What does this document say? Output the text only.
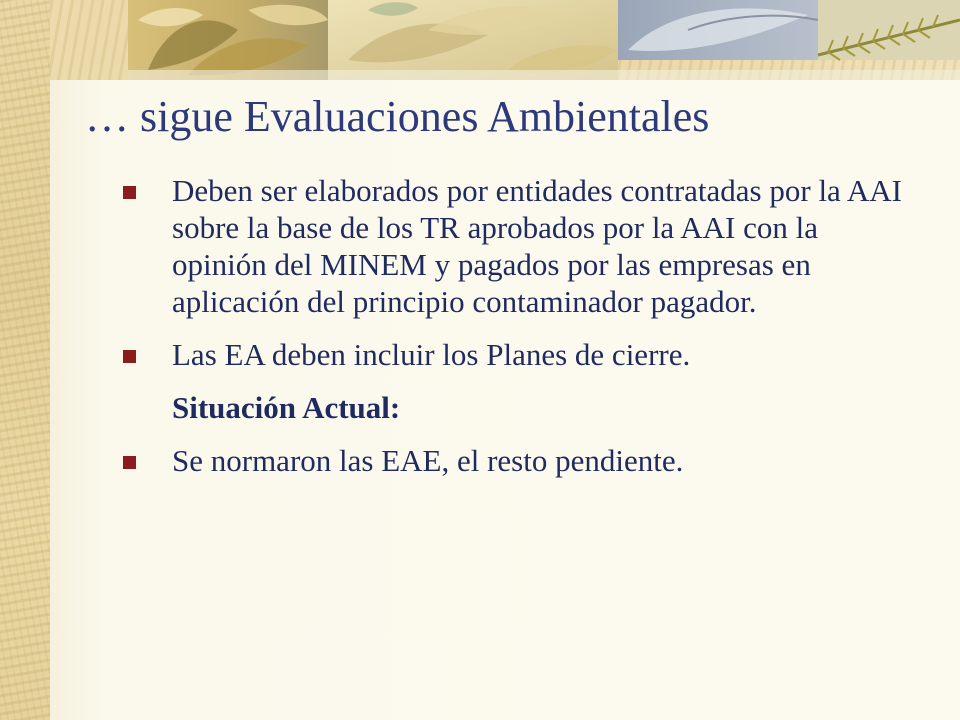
… sigue Evaluaciones Ambientales
Deben ser elaborados por entidades contratadas por la AAI sobre la base de los TR aprobados por la AAI con la opinión del MINEM y pagados por las empresas en aplicación del principio contaminador pagador.
Las EA deben incluir los Planes de cierre.
Situación Actual:
Se normaron las EAE, el resto pendiente.
